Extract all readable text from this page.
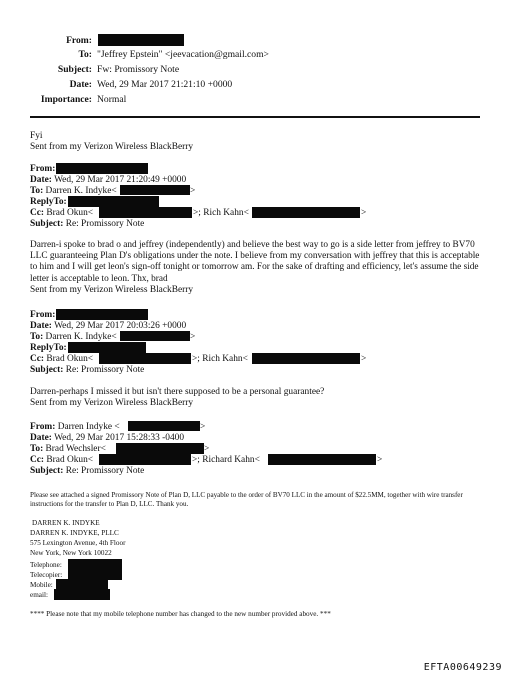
From:
To: "Jeffrey Epstein" <jeevacation@gmail.com>
Subject: Fw: Promissory Note
Date: Wed, 29 Mar 2017 21:21:10 +0000
Importance: Normal
Fyi
Sent from my Verizon Wireless BlackBerry
From:
Date: Wed, 29 Mar 2017 21:20:49 +0000
To: Darren K. Indyke<	>
ReplyTo:
Cc: Brad Okun<	>; Rich Kahn<	>
Subject: Re: Promissory Note
Darren-i spoke to brad o and jeffrey (independently) and believe the best way to go is a side letter from jeffrey to BV70 LLC guaranteeing Plan D's obligations under the note. I believe from my conversation with jeffrey that this is acceptable to him and I will get leon's sign-off tonight or tomorrow am. For the sake of drafting and efficiency, let's assume the side letter is acceptable to leon. Thx, brad
Sent from my Verizon Wireless BlackBerry
From:
Date: Wed, 29 Mar 2017 20:03:26 +0000
To: Darren K. Indyke<	>
ReplyTo:
Cc: Brad Okun<	>; Rich Kahn<	>
Subject: Re: Promissory Note
Darren-perhaps I missed it but isn't there supposed to be a personal guarantee?
Sent from my Verizon Wireless BlackBerry
From: Darren Indyke <	>
Date: Wed, 29 Mar 2017 15:28:33 -0400
To: Brad Wechsler<	>
Cc: Brad Okun<	>; Richard Kahn<	>
Subject: Re: Promissory Note
Please see attached a signed Promissory Note of Plan D, LLC payable to the order of BV70 LLC in the amount of $22.5MM, together with wire transfer instructions for the transfer to Plan D, LLC. Thank you.
DARREN K. INDYKE
DARREN K. INDYKE, PLLC
575 Lexington Avenue, 4th Floor
New York, New York 10022
Telephone:
Telecopier:
Mobile:
email:
**** Please note that my mobile telephone number has changed to the new number provided above. ***
EFTA00649239
